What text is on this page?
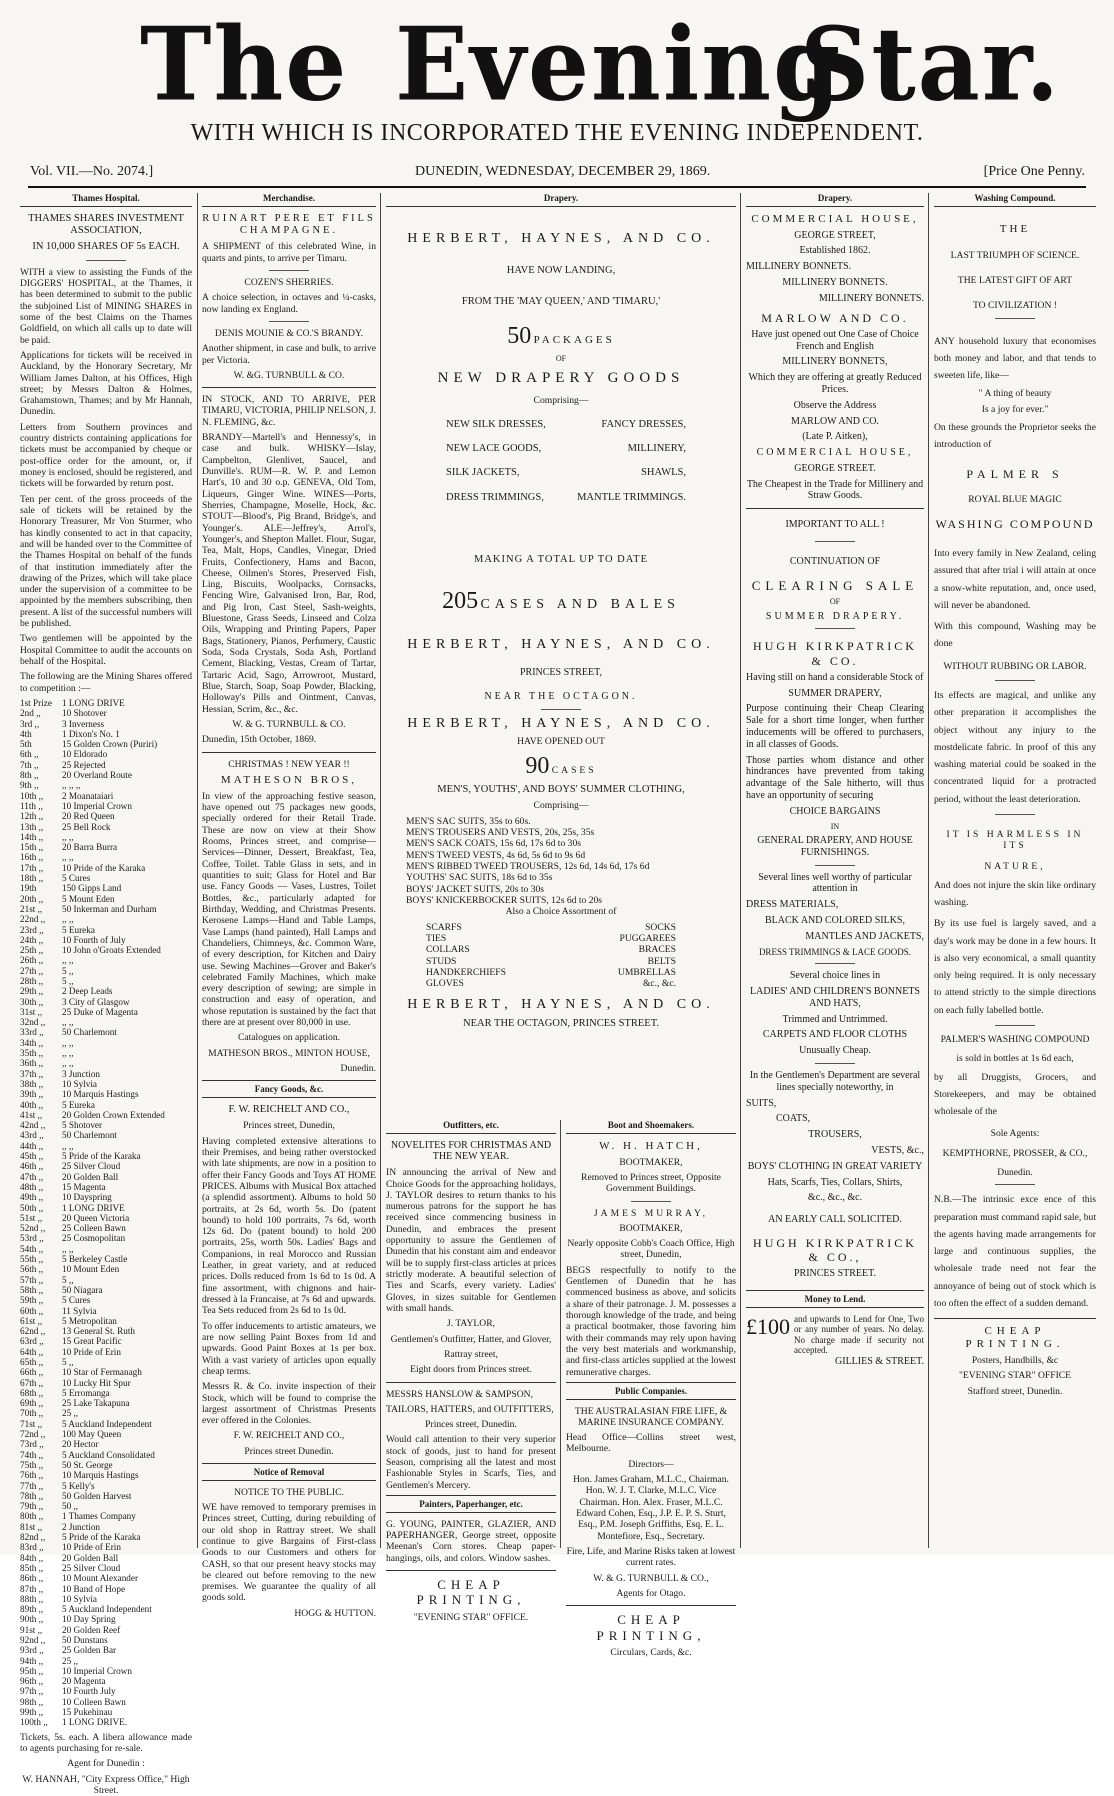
The Evening
Star.
WITH WHICH IS INCORPORATED THE EVENING INDEPENDENT.
Vol. VII.—No. 2074.]	DUNEDIN, WEDNESDAY, DECEMBER 29, 1869.	[Price One Penny.
Thames Hospital.

THAMES SHARES INVESTMENT ASSOCIATION,

IN 10,000 SHARES OF 5s EACH.

WITH a view to assisting the Funds of the DIGGERS' HOSPITAL, at the Thames, it has been determined to submit to the public the subjoined List of MINING SHARES in some of the best Claims on the Thames Goldfield, on which all calls up to date will be paid.

Applications for tickets will be received in Auckland, by the Honorary Secretary, Mr William James Dalton, at his Offices, High street; by Messrs Dalton & Holmes, Grahamstown, Thames; and by Mr Hannah, Dunedin.

Letters from Southern provinces and country districts containing applications for tickets must be accompanied by cheque or post-office order for the amount, or, if money is enclosed, should be registered, and tickets will be forwarded by return post.

Ten per cent. of the gross proceeds of the sale of tickets will be retained by the Honorary Treasurer, Mr Von Sturmer, who has kindly consented to act in that capacity, and will be handed over to the Committee of the Thames Hospital on behalf of the funds of that institution immediately after the drawing of the Prizes, which will take place under the supervision of a committee to be appointed by the members subscribing, then present. A list of the successful numbers will be published.

Two gentlemen will be appointed by the Hospital Committee to audit the accounts on behalf of the Hospital.

The following are the Mining Shares offered to competition :—

1st Prize	1 LONG DRIVE
2nd ,,	10 Shotover
3rd ,,	3 Inverness
4th	1 Dixon's No. 1
5th	15 Golden Crown (Puriri)
6th ,,	10 Eldorado
7th ,,	25 Rejected
8th ,,	20 Overland Route
9th ,,	,, ,, ,,
10th ,,	2 Moanataiari
11th ,,	10 Imperial Crown
12th ,,	20 Red Queen
13th ,,	25 Bell Rock
14th ,,	,, ,,
15th ,,	20 Barra Burra
16th ,,	,, ,,
17th ,,	10 Pride of the Karaka
18th ,,	5 Cures
19th	150 Gipps Land
20th ,,	5 Mount Eden
21st ,,	50 Inkerman and Durham
22nd ,,	,, ,,
23rd ,,	5 Eureka
24th ,,	10 Fourth of July
25th ,,	10 John o'Groats Extended
26th ,,	,, ,,
27th ,,	5 ,,
28th ,,	5 ,,
29th ,,	2 Deep Leads
30th ,,	3 City of Glasgow
31st ,,	25 Duke of Magenta
32nd ,,	,, ,,
33rd ,,	50 Charlemont
34th ,,	,, ,,
35th ,,	,, ,,
36th ,,	,, ,,
37th ,,	3 Junction
38th ,,	10 Sylvia
39th ,,	10 Marquis Hastings
40th ,,	5 Eureka
41st ,,	20 Golden Crown Extended
42nd ,,	5 Shotover
43rd ,,	50 Charlemont
44th ,,	,, ,,
45th ,,	5 Pride of the Karaka
46th ,,	25 Silver Cloud
47th ,,	20 Golden Ball
48th ,,	15 Magenta
49th ,,	10 Dayspring
50th ,,	1 LONG DRIVE
51st ,,	20 Queen Victoria
52nd ,,	25 Colleen Bawn
53rd ,,	25 Cosmopolitan
54th ,,	,, ,,
55th ,,	5 Berkeley Castle
56th ,,	10 Mount Eden
57th ,,	5 ,,
58th ,,	50 Niagara
59th ,,	5 Cures
60th ,,	11 Sylvia
61st ,,	5 Metropolitan
62nd ,,	13 General St. Ruth
63rd ,,	15 Great Pacific
64th ,,	10 Pride of Erin
65th ,,	5 ,,
66th ,,	10 Star of Fermanagh
67th ,,	10 Lucky Hit Spur
68th ,,	5 Erromanga
69th ,,	25 Lake Takapuna
70th ,,	25 ,,
71st ,,	5 Auckland Independent
72nd ,,	100 May Queen
73rd ,,	20 Hector
74th ,,	5 Auckland Consolidated
75th ,,	50 St. George
76th ,,	10 Marquis Hastings
77th ,,	5 Kelly's
78th ,,	50 Golden Harvest
79th ,,	50 ,,
80th ,,	1 Thames Company
81st ,,	2 Junction
82nd ,,	5 Pride of the Karaka
83rd ,,	10 Pride of Erin
84th ,,	20 Golden Ball
85th ,,	25 Silver Cloud
86th ,,	10 Mount Alexander
87th ,,	10 Band of Hope
88th ,,	10 Sylvia
89th ,,	5 Auckland Independent
90th ,,	10 Day Spring
91st ,,	20 Golden Reef
92nd ,,	50 Dunstans
93rd ,,	25 Golden Bar
94th ,,	25 ,,
95th ,,	10 Imperial Crown
96th ,,	20 Magenta
97th ,,	10 Fourth July
98th ,,	10 Colleen Bawn
99th ,,	15 Pukehinau
100th ,,	1 LONG DRIVE.

Tickets, 5s. each. A libera allowance made to agents purchasing for re-sale.

Agent for Dunedin :

W. HANNAH, "City Express Office," High Street.

Merchandise.

RUINART PERE ET FILS CHAMPAGNE.

A SHIPMENT of this celebrated Wine, in quarts and pints, to arrive per Timaru.

COZEN'S SHERRIES.

A choice selection, in octaves and ¼-casks, now landing ex England.

DENIS MOUNIE & CO.'S BRANDY.

Another shipment, in case and bulk, to arrive per Victoria.

W. &G. TURNBULL & CO.

IN STOCK, AND TO ARRIVE, PER TIMARU, VICTORIA, PHILIP NELSON, J. N. FLEMING, &c.

BRANDY—Martell's and Hennessy's, in case and bulk. WHISKY—Islay, Campbelton, Glenlivet, Saucel, and Dunville's. RUM—R. W. P. and Lemon Hart's, 10 and 30 o.p. GENEVA, Old Tom, Liqueurs, Ginger Wine. WINES—Ports, Sherries, Champagne, Moselle, Hock, &c. STOUT—Blood's, Pig Brand, Bridge's, and Younger's. ALE—Jeffrey's, Arrol's, Younger's, and Shepton Mallet. Flour, Sugar, Tea, Malt, Hops, Candles, Vinegar, Dried Fruits, Confectionery, Hams and Bacon, Cheese, Oilmen's Stores, Preserved Fish, Ling, Biscuits, Woolpacks, Cornsacks, Fencing Wire, Galvanised Iron, Bar, Rod, and Pig Iron, Cast Steel, Sash-weights, Bluestone, Grass Seeds, Linseed and Colza Oils, Wrapping and Printing Papers, Paper Bags, Stationery, Pianos, Perfumery, Caustic Soda, Soda Crystals, Soda Ash, Portland Cement, Blacking, Vestas, Cream of Tartar, Tartaric Acid, Sago, Arrowroot, Mustard, Blue, Starch, Soap, Soap Powder, Blacking, Holloway's Pills and Ointment, Canvas, Hessian, Scrim, &c., &c.

W. & G. TURNBULL & CO.

Dunedin, 15th October, 1869.

CHRISTMAS ! NEW YEAR !!

MATHESON BROS,

In view of the approaching festive season, have opened out 75 packages new goods, specially ordered for their Retail Trade. These are now on view at their Show Rooms, Princes street, and comprise— Services—Dinner, Dessert, Breakfast, Tea, Coffee, Toilet. Table Glass in sets, and in quantities to suit; Glass for Hotel and Bar use. Fancy Goods — Vases, Lustres, Toilet Bottles, &c., particularly adapted for Birthday, Wedding, and Christmas Presents. Kerosene Lamps—Hand and Table Lamps, Vase Lamps (hand painted), Hall Lamps and Chandeliers, Chimneys, &c. Common Ware, of every description, for Kitchen and Dairy use. Sewing Machines—Grover and Baker's celebrated Family Machines, which make every description of sewing; are simple in construction and easy of operation, and whose reputation is sustained by the fact that there are at present over 80,000 in use.

Catalogues on application.

MATHESON BROS., MINTON HOUSE,

Dunedin.

Fancy Goods, &c.

F. W. REICHELT AND CO.,

Princes street, Dunedin,

Having completed extensive alterations to their Premises, and being rather overstocked with late shipments, are now in a position to offer their Fancy Goods and Toys AT HOME PRICES. Albums with Musical Box attached (a splendid assortment). Albums to hold 50 portraits, at 2s 6d, worth 5s. Do (patent bound) to hold 100 portraits, 7s 6d, worth 12s 6d. Do (patent bound) to hold 200 portraits, 25s, worth 50s. Ladies' Bags and Companions, in real Morocco and Russian Leather, in great variety, and at reduced prices. Dolls reduced from 1s 6d to 1s 0d. A fine assortment, with chignons and hair-dressed à la Francaise, at 7s 6d and upwards. Tea Sets reduced from 2s 6d to 1s 0d.

To offer inducements to artistic amateurs, we are now selling Paint Boxes from 1d and upwards. Good Paint Boxes at 1s per box. With a vast variety of articles upon equally cheap terms.

Messrs R. & Co. invite inspection of their Stock, which will be found to comprise the largest assortment of Christmas Presents ever offered in the Colonies.

F. W. REICHELT AND CO.,

Princes street Dunedin.

Notice of Removal

NOTICE TO THE PUBLIC.

WE have removed to temporary premises in Princes street, Cutting, during rebuilding of our old shop in Rattray street. We shall continue to give Bargains of First-class Goods to our Customers and others for CASH, so that our present heavy stocks may be cleared out before removing to the new premises. We guarantee the quality of all goods sold.

HOGG & HUTTON.

Drapery.

HERBERT, HAYNES, AND CO.

HAVE NOW LANDING,

FROM THE 'MAY QUEEN,' AND 'TIMARU,'

50 PACKAGES

OF

NEW DRAPERY GOODS

Comprising—

NEW SILK DRESSES,	FANCY DRESSES,
NEW LACE GOODS,	MILLINERY,
SILK JACKETS,	SHAWLS,
DRESS TRIMMINGS,	MANTLE TRIMMINGS.

MAKING A TOTAL UP TO DATE

205 CASES AND BALES

HERBERT, HAYNES, AND CO.

PRINCES STREET,

NEAR THE OCTAGON.

HERBERT, HAYNES, AND CO.

HAVE OPENED OUT

90 CASES

MEN'S, YOUTHS', AND BOYS' SUMMER CLOTHING,

Comprising—

MEN'S SAC SUITS, 35s to 60s.
MEN'S TROUSERS AND VESTS, 20s, 25s, 35s
MEN'S SACK COATS, 15s 6d, 17s 6d to 30s
MEN'S TWEED VESTS, 4s 6d, 5s 6d to 9s 6d
MEN'S RIBBED TWEED TROUSERS, 12s 6d, 14s 6d, 17s 6d
YOUTHS' SAC SUITS, 18s 6d to 35s
BOYS' JACKET SUITS, 20s to 30s
BOYS' KNICKERBOCKER SUITS, 12s 6d to 20s

Also a Choice Assortment of

SCARFS	SOCKS
TIES	PUGGAREES
COLLARS	BRACES
STUDS	BELTS
HANDKERCHIEFS	UMBRELLAS
GLOVES	&c., &c.

HERBERT, HAYNES, AND CO.

NEAR THE OCTAGON, PRINCES STREET.

Outfitters, etc.

NOVELITES FOR CHRISTMAS AND THE NEW YEAR.

IN announcing the arrival of New and Choice Goods for the approaching holidays, J. TAYLOR desires to return thanks to his numerous patrons for the support he has received since commencing business in Dunedin, and embraces the present opportunity to assure the Gentlemen of Dunedin that his constant aim and endeavor will be to supply first-class articles at prices strictly moderate. A beautiful selection of Ties and Scarfs, every variety. Ladies' Gloves, in sizes suitable for Gentlemen with small hands.

J. TAYLOR,

Gentlemen's Outfitter, Hatter, and Glover,

Rattray street,

Eight doors from Princes street.

MESSRS HANSLOW & SAMPSON,

TAILORS, HATTERS, and OUTFITTERS,

Princes street, Dunedin.

Would call attention to their very superior stock of goods, just to hand for present Season, comprising all the latest and most Fashionable Styles in Scarfs, Ties, and Gentlemen's Mercery.

Painters, Paperhanger, etc.

G. YOUNG, PAINTER, GLAZIER, AND PAPERHANGER, George street, opposite Meenan's Corn stores. Cheap paper-hangings, oils, and colors. Window sashes.

CHEAP PRINTING,

"EVENING STAR" OFFICE.

Boot and Shoemakers.

W. H. HATCH,

BOOTMAKER,

Removed to Princes street, Opposite Government Buildings.

JAMES MURRAY,

BOOTMAKER,

Nearly opposite Cobb's Coach Office, High street, Dunedin,

BEGS respectfully to notify to the Gentlemen of Dunedin that he has commenced business as above, and solicits a share of their patronage. J. M. possesses a thorough knowledge of the trade, and being a practical bootmaker, those favoring him with their commands may rely upon having the very best materials and workmanship, and first-class articles supplied at the lowest remunerative charges.

Public Companies.

THE AUSTRALASIAN FIRE LIFE, & MARINE INSURANCE COMPANY.

Head Office—Collins street west, Melbourne.

Directors—

Hon. James Graham, M.L.C., Chairman. Hon. W. J. T. Clarke, M.L.C. Vice Chairman. Hon. Alex. Fraser, M.L.C. Edward Cohen, Esq., J.P. E. P. S. Sturt, Esq., P.M. Joseph Griffiths, Esq. E. L. Montefiore, Esq., Secretary.

Fire, Life, and Marine Risks taken at lowest current rates.

W. & G. TURNBULL & CO.,

Agents for Otago.

CHEAP PRINTING,

Circulars, Cards, &c.

Drapery.

COMMERCIAL HOUSE,

GEORGE STREET,

Established 1862.

MILLINERY BONNETS.

MILLINERY BONNETS.

MILLINERY BONNETS.

MARLOW AND CO.

Have just opened out One Case of Choice French and English

MILLINERY BONNETS,

Which they are offering at greatly Reduced Prices.

Observe the Address

MARLOW AND CO.

(Late P. Aitken),

COMMERCIAL HOUSE,

GEORGE STREET.

The Cheapest in the Trade for Millinery and Straw Goods.

IMPORTANT TO ALL !

CONTINUATION OF

CLEARING SALE

OF

SUMMER DRAPERY.

HUGH KIRKPATRICK & CO.

Having still on hand a considerable Stock of

SUMMER DRAPERY,

Purpose continuing their Cheap Clearing Sale for a short time longer, when further inducements will be offered to purchasers, in all classes of Goods.

Those parties whom distance and other hindrances have prevented from taking advantage of the Sale hitherto, will thus have an opportunity of securing

CHOICE BARGAINS

IN

GENERAL DRAPERY, AND HOUSE FURNISHINGS.

Several lines well worthy of particular attention in

DRESS MATERIALS,

BLACK AND COLORED SILKS,

MANTLES AND JACKETS,

DRESS TRIMMINGS & LACE GOODS.

Several choice lines in

LADIES' AND CHILDREN'S BONNETS AND HATS,

Trimmed and Untrimmed.

CARPETS AND FLOOR CLOTHS

Unusually Cheap.

In the Gentlemen's Department are several lines specially noteworthy, in

SUITS,

COATS,

TROUSERS,

VESTS, &c.,

BOYS' CLOTHING IN GREAT VARIETY

Hats, Scarfs, Ties, Collars, Shirts,

&c., &c., &c.

AN EARLY CALL SOLICITED.

HUGH KIRKPATRICK & CO.,

PRINCES STREET.

Money to Lend.
£100 and upwards to Lend for One, Two or any number of years. No delay. No charge made if security not accepted.

GILLIES & STREET.

Washing Compound.

THE

LAST TRIUMPH OF SCIENCE.

THE LATEST GIFT OF ART

TO CIVILIZATION !

ANY household luxury that economises both money and labor, and that tends to sweeten life, like—

" A thing of beauty

Is a joy for ever."

On these grounds the Proprietor seeks the introduction of

PALMER S

ROYAL BLUE MAGIC

WASHING COMPOUND

Into every family in New Zealand, celing assured that after trial i will attain at once a snow-white reputation, and, once used, will never be abandoned.

With this compound, Washing may be done

WITHOUT RUBBING OR LABOR.

Its effects are magical, and unlike any other preparation it accomplishes the object without any injury to the mostdelicate fabric. In proof of this any washing material could be soaked in the concentrated liquid for a protracted period, without the least deterioration.

IT IS HARMLESS IN ITS

NATURE,

And does not injure the skin like ordinary washing.

By its use fuel is largely saved, and a day's work may be done in a few hours. It is also very economical, a small quantity only being required. It is only necessary to attend strictly to the simple directions on each fully labelled bottle.

PALMER'S WASHING COMPOUND

is sold in bottles at 1s 6d each,

by all Druggists, Grocers, and Storekeepers, and may be obtained wholesale of the

Sole Agents:

KEMPTHORNE, PROSSER, & CO.,

Dunedin.

N.B.—The intrinsic exce ence of this preparation must command rapid sale, but the agents having made arrangements for large and continuous supplies, the wholesale trade need not fear the annoyance of being out of stock which is too often the effect of a sudden demand.

CHEAP PRINTING.

Posters, Handbills, &c

"EVENING STAR" OFFICE

Stafford street, Dunedin.
